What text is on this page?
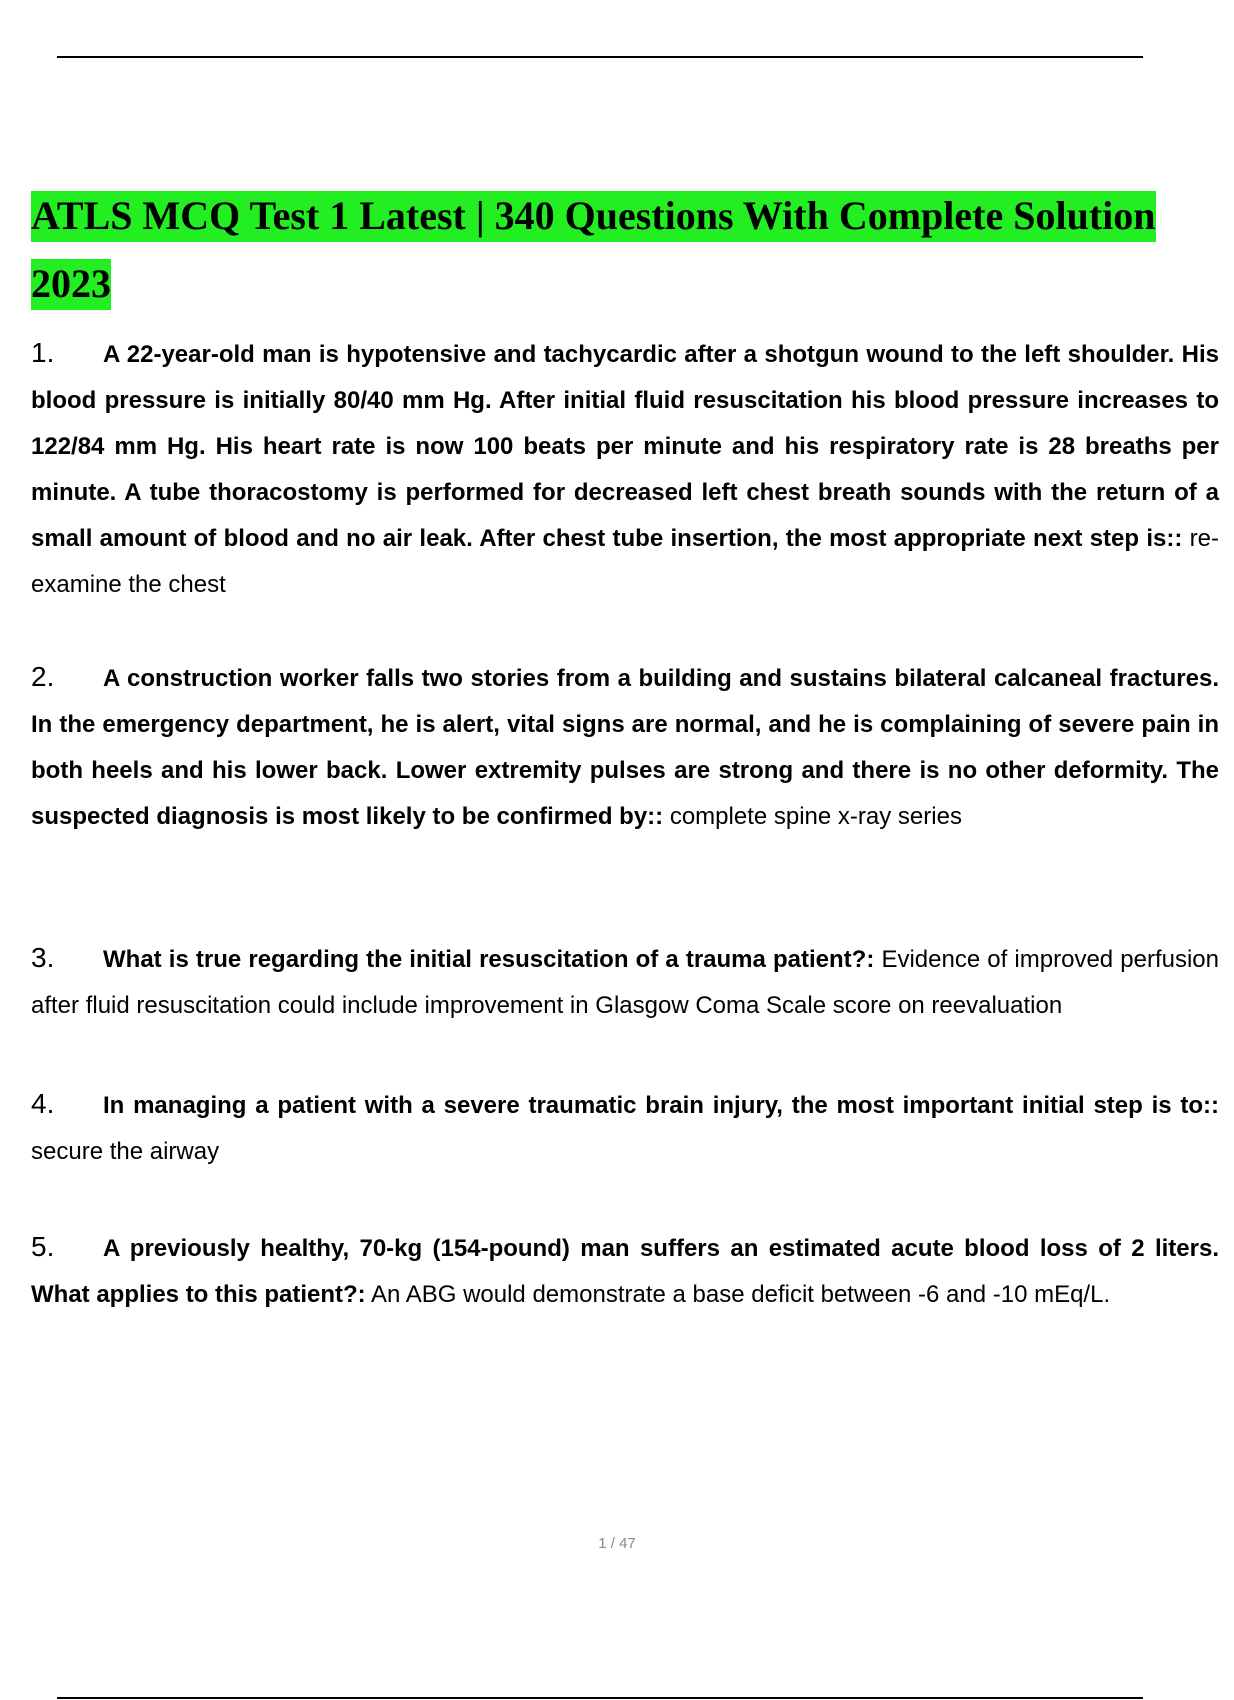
ATLS MCQ Test 1 Latest | 340 Questions With Complete Solution 2023

1. A 22-year-old man is hypotensive and tachycardic after a shotgun wound to the left shoulder. His blood pressure is initially 80/40 mm Hg. After initial fluid resuscitation his blood pressure increases to 122/84 mm Hg. His heart rate is now 100 beats per minute and his respiratory rate is 28 breaths per minute. A tube thoracostomy is performed for decreased left chest breath sounds with the return of a small amount of blood and no air leak. After chest tube insertion, the most appropriate next step is:: re-examine the chest

2. A construction worker falls two stories from a building and sustains bilateral calcaneal fractures. In the emergency department, he is alert, vital signs are normal, and he is complaining of severe pain in both heels and his lower back. Lower extremity pulses are strong and there is no other deformity. The suspected diagnosis is most likely to be confirmed by:: complete spine x-ray series

3. What is true regarding the initial resuscitation of a trauma patient?: Evidence of improved perfusion after fluid resuscitation could include improvement in Glasgow Coma Scale score on reevaluation

4. In managing a patient with a severe traumatic brain injury, the most important initial step is to:: secure the airway

5. A previously healthy, 70-kg (154-pound) man suffers an estimated acute blood loss of 2 liters. What applies to this patient?: An ABG would demonstrate a base deficit between -6 and -10 mEq/L.

1 / 47
